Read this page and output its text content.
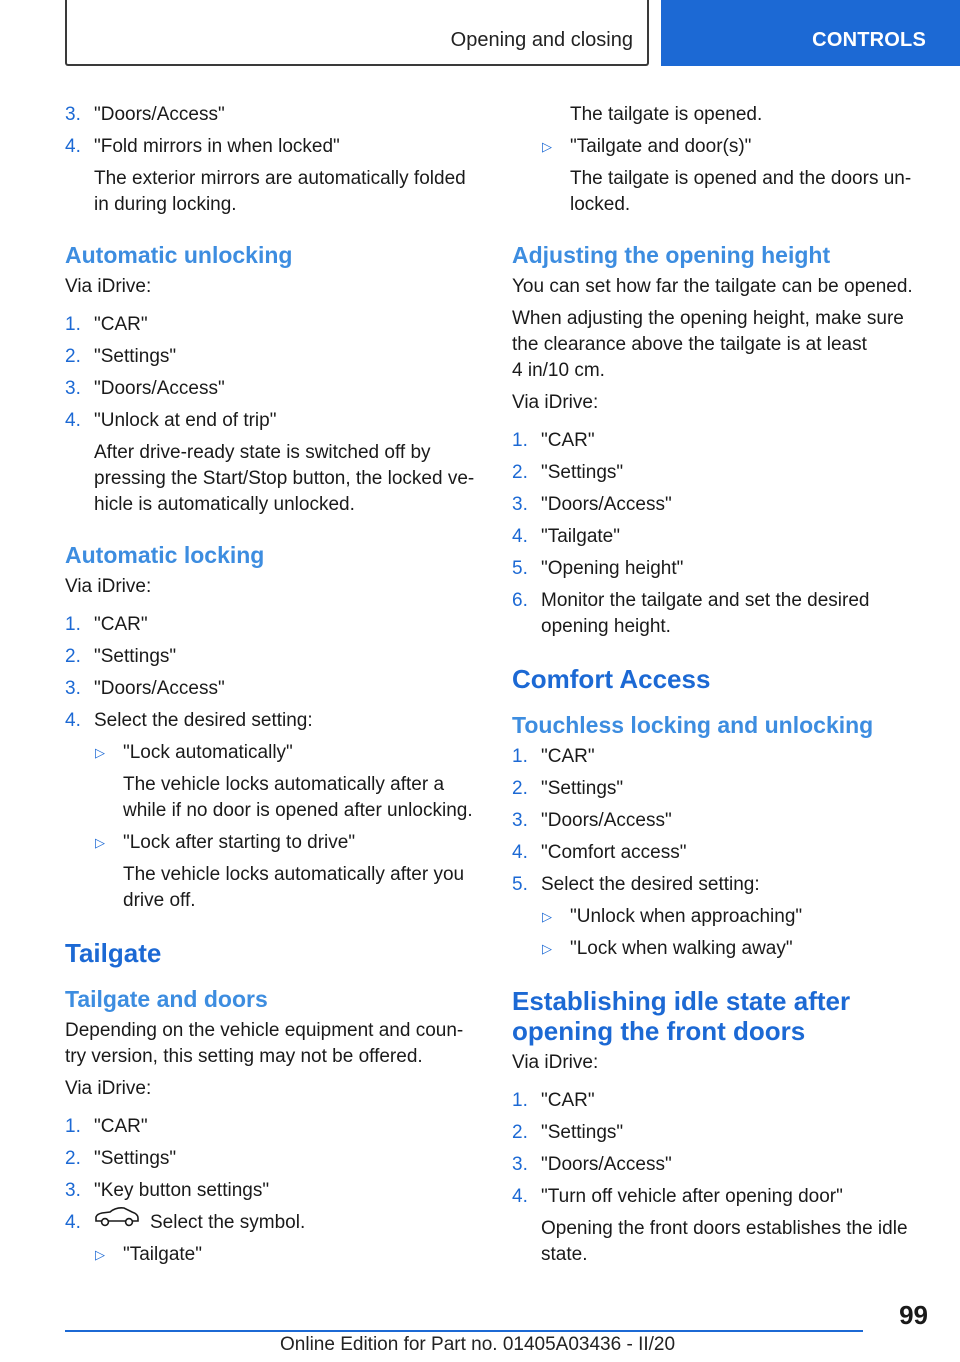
Opening and closing	CONTROLS
3. "Doors/Access"
4. "Fold mirrors in when locked"
The exterior mirrors are automatically folded in during locking.
Automatic unlocking
Via iDrive:
1. "CAR"
2. "Settings"
3. "Doors/Access"
4. "Unlock at end of trip"
After drive-ready state is switched off by pressing the Start/Stop button, the locked ve‐hicle is automatically unlocked.
Automatic locking
Via iDrive:
1. "CAR"
2. "Settings"
3. "Doors/Access"
4. Select the desired setting:
▷ "Lock automatically"
The vehicle locks automatically after a while if no door is opened after unlocking.
▷ "Lock after starting to drive"
The vehicle locks automatically after you drive off.
Tailgate
Tailgate and doors
Depending on the vehicle equipment and coun‐try version, this setting may not be offered.
Via iDrive:
1. "CAR"
2. "Settings"
3. "Key button settings"
4.	Select the symbol.
▷ "Tailgate"
The tailgate is opened.
▷ "Tailgate and door(s)"
The tailgate is opened and the doors un‐locked.
Adjusting the opening height
You can set how far the tailgate can be opened.
When adjusting the opening height, make sure the clearance above the tailgate is at least
4 in/10 cm.
Via iDrive:
1. "CAR"
2. "Settings"
3. "Doors/Access"
4. "Tailgate"
5. "Opening height"
6. Monitor the tailgate and set the desired opening height.
Comfort Access
Touchless locking and unlocking
1. "CAR"
2. "Settings"
3. "Doors/Access"
4. "Comfort access"
5. Select the desired setting:
▷ "Unlock when approaching"
▷ "Lock when walking away"
Establishing idle state after opening the front doors
Via iDrive:
1. "CAR"
2. "Settings"
3. "Doors/Access"
4. "Turn off vehicle after opening door"
Opening the front doors establishes the idle state.
99
Online Edition for Part no. 01405A03436 - II/20
